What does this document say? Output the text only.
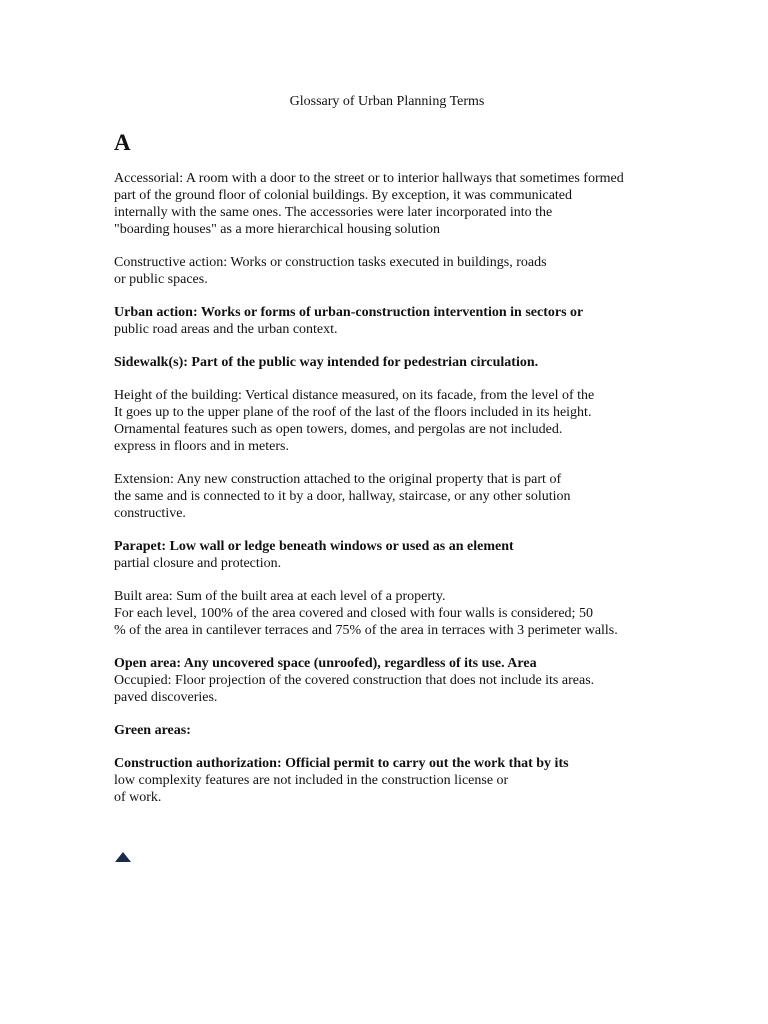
Glossary of Urban Planning Terms
A
Accessorial: A room with a door to the street or to interior hallways that sometimes formed
part of the ground floor of colonial buildings. By exception, it was communicated
internally with the same ones. The accessories were later incorporated into the
"boarding houses" as a more hierarchical housing solution
Constructive action: Works or construction tasks executed in buildings, roads
or public spaces.
Urban action: Works or forms of urban-construction intervention in sectors or
public road areas and the urban context.
Sidewalk(s): Part of the public way intended for pedestrian circulation.
Height of the building: Vertical distance measured, on its facade, from the level of the
It goes up to the upper plane of the roof of the last of the floors included in its height.
Ornamental features such as open towers, domes, and pergolas are not included.
express in floors and in meters.
Extension: Any new construction attached to the original property that is part of
the same and is connected to it by a door, hallway, staircase, or any other solution
constructive.
Parapet: Low wall or ledge beneath windows or used as an element
partial closure and protection.
Built area: Sum of the built area at each level of a property.
For each level, 100% of the area covered and closed with four walls is considered; 50
% of the area in cantilever terraces and 75% of the area in terraces with 3 perimeter walls.
Open area: Any uncovered space (unroofed), regardless of its use. Area
Occupied: Floor projection of the covered construction that does not include its areas.
paved discoveries.
Green areas:
Construction authorization: Official permit to carry out the work that by its
low complexity features are not included in the construction license or
of work.
